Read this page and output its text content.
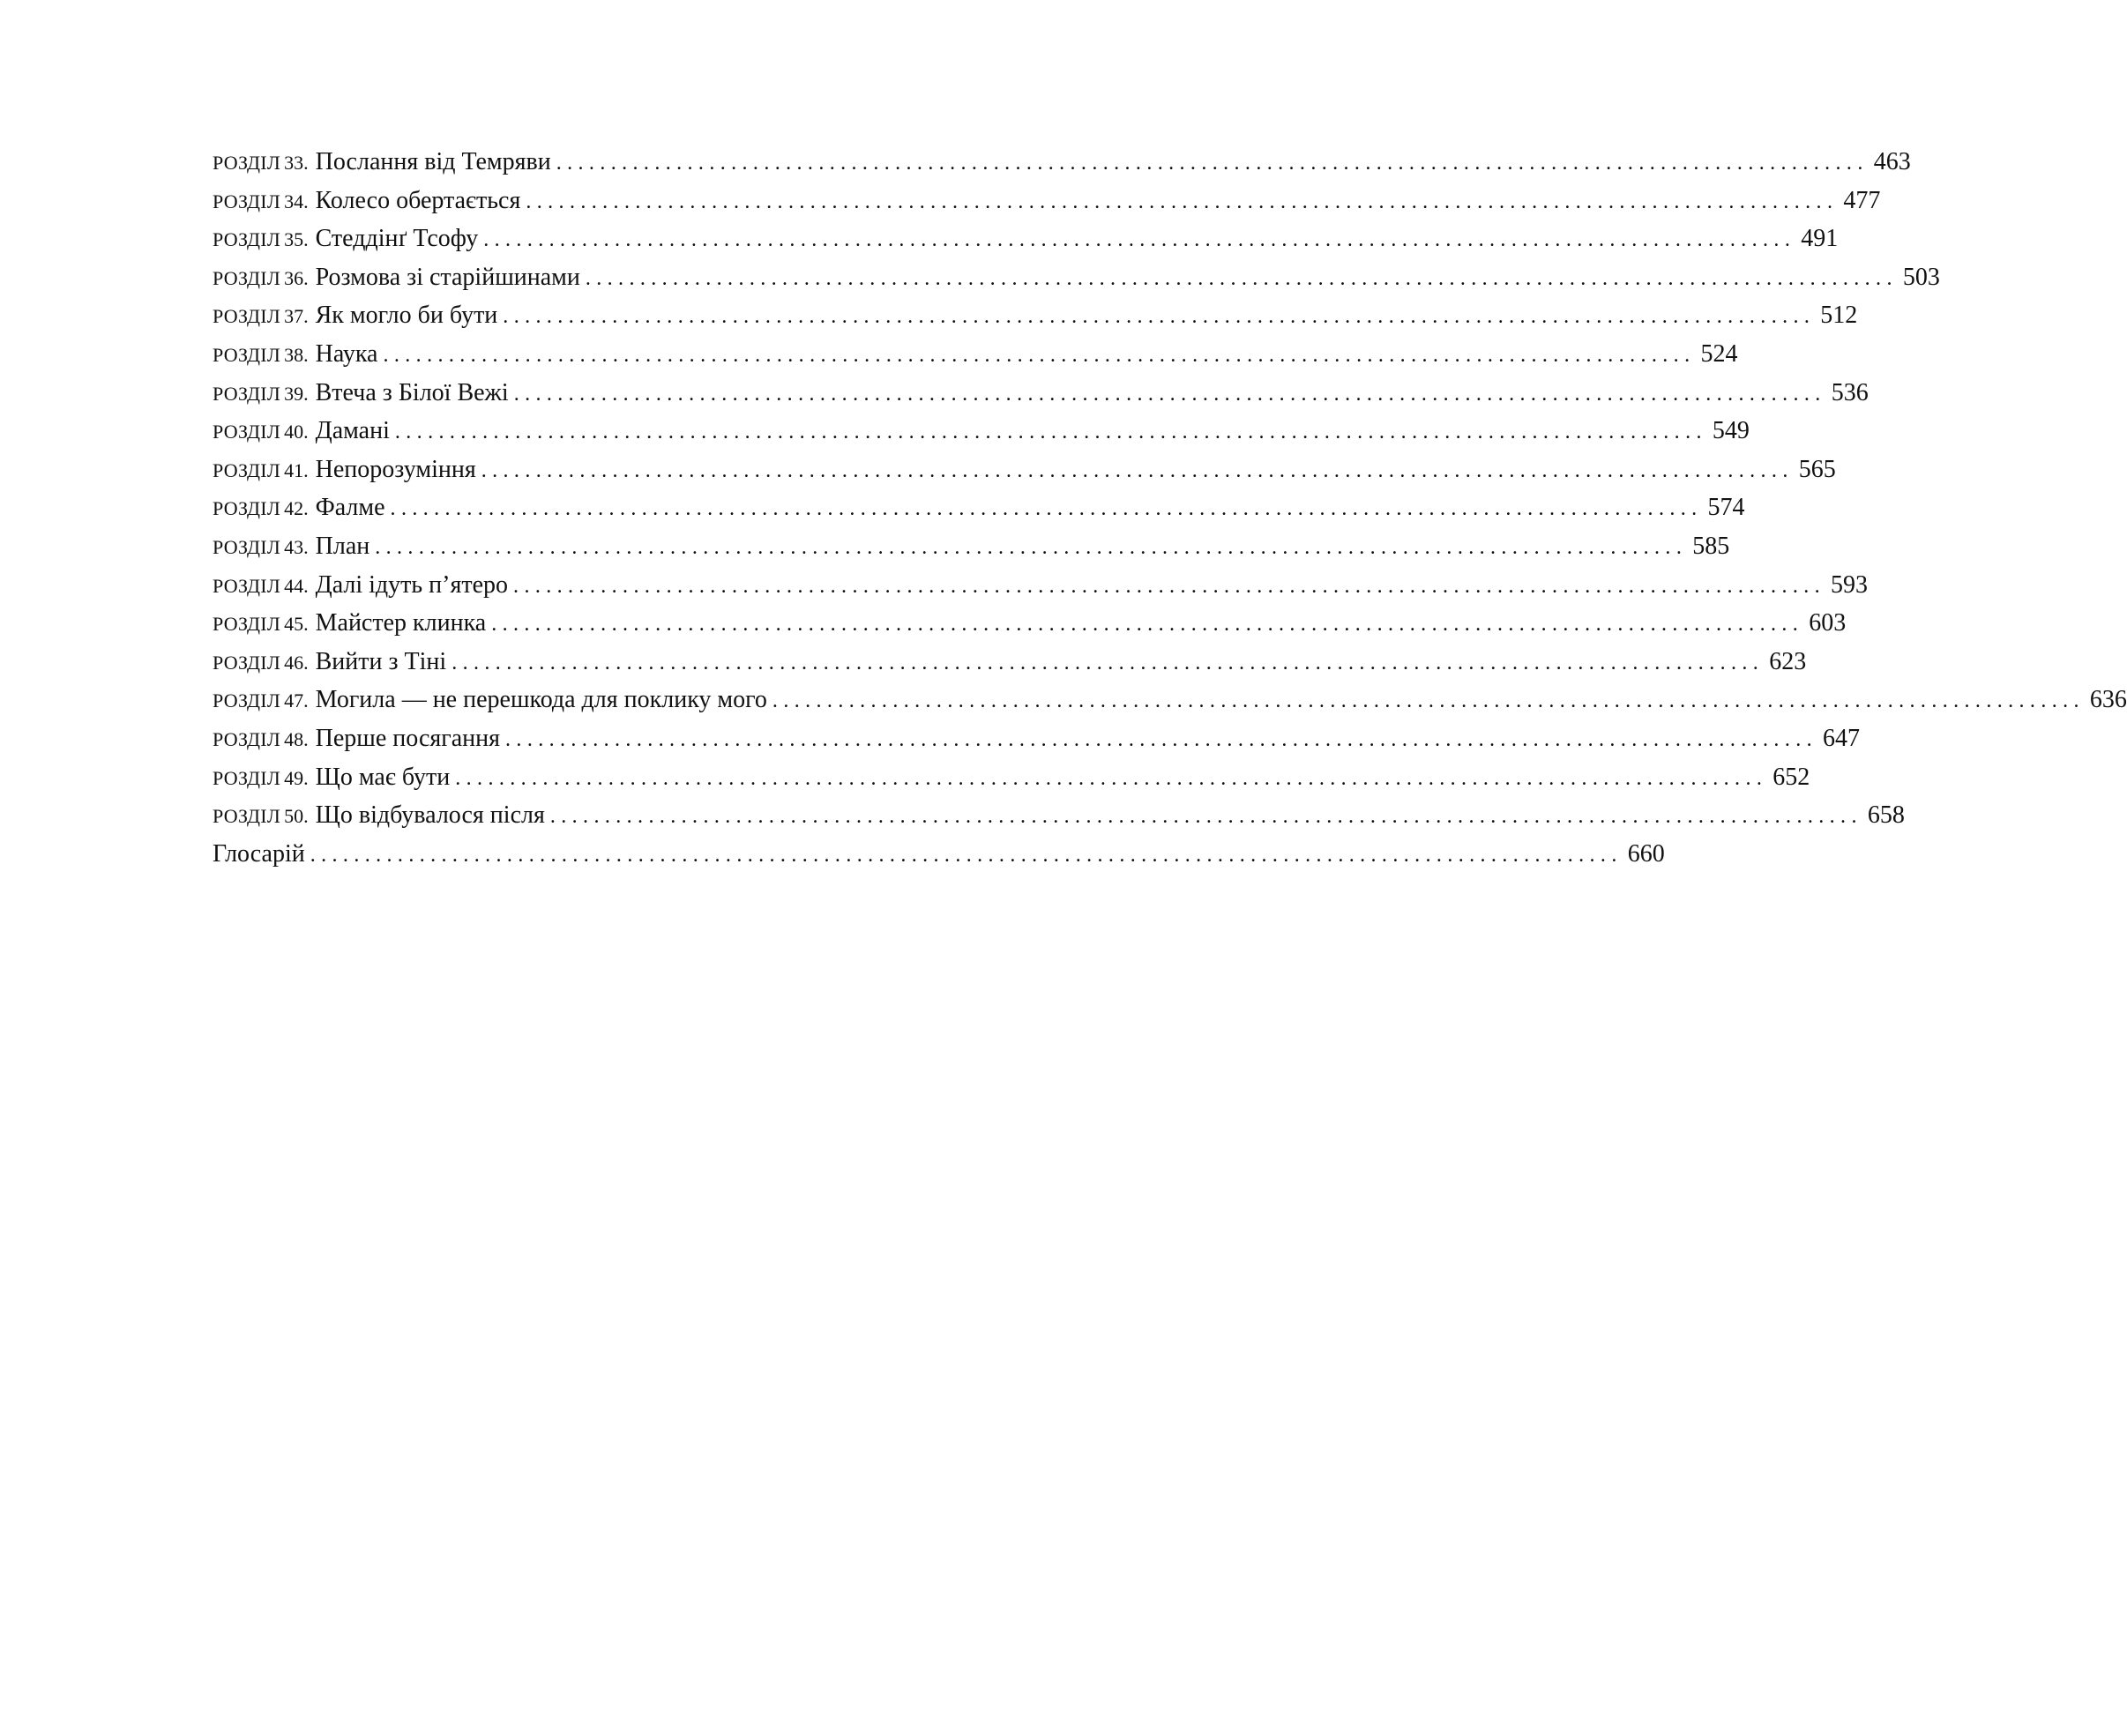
РОЗДІЛ 33 . Послання від Темряви ........................................................................................................................ 463
РОЗДІЛ 34 . Колесо обертається ........................................................................................................................ 477
РОЗДІЛ 35 . Стеддінґ Тсофу ........................................................................................................................ 491
РОЗДІЛ 36 . Розмова зі старійшинами ........................................................................................................................ 503
РОЗДІЛ 37 . Як могло би бути ........................................................................................................................ 512
РОЗДІЛ 38 . Наука ........................................................................................................................ 524
РОЗДІЛ 39 . Втеча з Білої Вежі ........................................................................................................................ 536
РОЗДІЛ 40 . Дамані ........................................................................................................................ 549
РОЗДІЛ 41 . Непорозуміння ........................................................................................................................ 565
РОЗДІЛ 42 . Фалме ........................................................................................................................ 574
РОЗДІЛ 43 . План ........................................................................................................................ 585
РОЗДІЛ 44 . Далі ідуть п’ятеро ........................................................................................................................ 593
РОЗДІЛ 45 . Майстер клинка ........................................................................................................................ 603
РОЗДІЛ 46 . Вийти з Тіні ........................................................................................................................ 623
РОЗДІЛ 47 . Могила — не перешкода для поклику мого ........................................................................................................................ 636
РОЗДІЛ 48 . Перше посягання ........................................................................................................................ 647
РОЗДІЛ 49 . Що має бути ........................................................................................................................ 652
РОЗДІЛ 50 . Що відбувалося після ........................................................................................................................ 658
Глосарій ........................................................................................................................ 660
